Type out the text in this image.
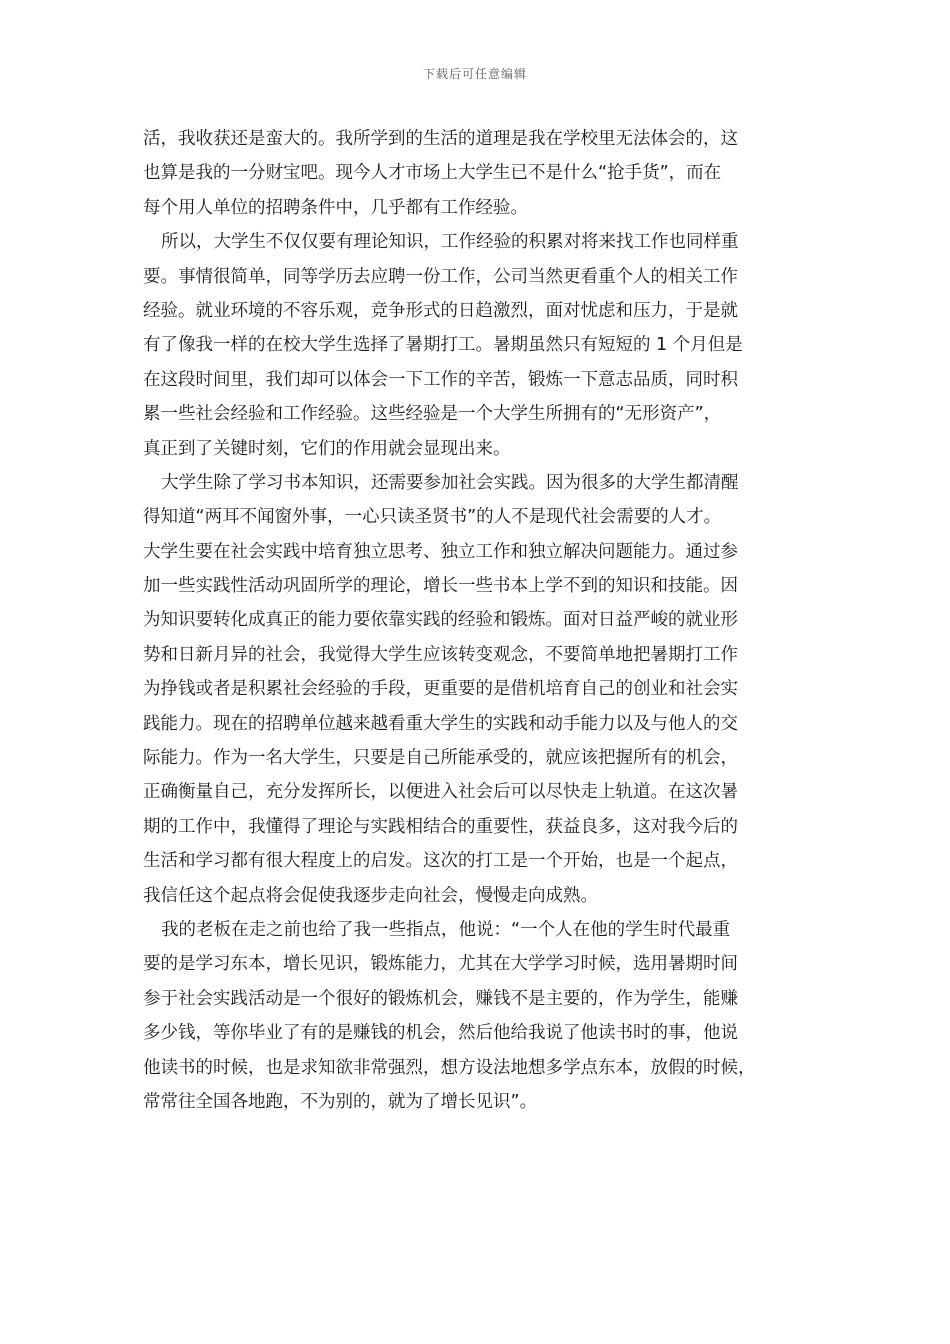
下载后可任意编辑
活，我收获还是蛮大的。我所学到的生活的道理是我在学校里无法体会的，这
也算是我的一分财宝吧。现今人才市场上大学生已不是什么“抢手货”，而在
每个用人单位的招聘条件中，几乎都有工作经验。
所以，大学生不仅仅要有理论知识，工作经验的积累对将来找工作也同样重
要。事情很简单，同等学历去应聘一份工作，公司当然更看重个人的相关工作
经验。就业环境的不容乐观，竞争形式的日趋激烈，面对忧虑和压力，于是就
有了像我一样的在校大学生选择了暑期打工。暑期虽然只有短短的 1 个月但是
在这段时间里，我们却可以体会一下工作的辛苦，锻炼一下意志品质，同时积
累一些社会经验和工作经验。这些经验是一个大学生所拥有的“无形资产”，
真正到了关键时刻，它们的作用就会显现出来。
大学生除了学习书本知识，还需要参加社会实践。因为很多的大学生都清醒
得知道“两耳不闻窗外事，一心只读圣贤书”的人不是现代社会需要的人才。
大学生要在社会实践中培育独立思考、独立工作和独立解决问题能力。通过参
加一些实践性活动巩固所学的理论，增长一些书本上学不到的知识和技能。因
为知识要转化成真正的能力要依靠实践的经验和锻炼。面对日益严峻的就业形
势和日新月异的社会，我觉得大学生应该转变观念，不要简单地把暑期打工作
为挣钱或者是积累社会经验的手段，更重要的是借机培育自己的创业和社会实
践能力。现在的招聘单位越来越看重大学生的实践和动手能力以及与他人的交
际能力。作为一名大学生，只要是自己所能承受的，就应该把握所有的机会，
正确衡量自己，充分发挥所长，以便进入社会后可以尽快走上轨道。在这次暑
期的工作中，我懂得了理论与实践相结合的重要性，获益良多，这对我今后的
生活和学习都有很大程度上的启发。这次的打工是一个开始，也是一个起点，
我信任这个起点将会促使我逐步走向社会，慢慢走向成熟。
我的老板在走之前也给了我一些指点，他说：“一个人在他的学生时代最重
要的是学习东本，增长见识，锻炼能力，尤其在大学学习时候，选用暑期时间
参于社会实践活动是一个很好的锻炼机会，赚钱不是主要的，作为学生，能赚
多少钱，等你毕业了有的是赚钱的机会，然后他给我说了他读书时的事，他说
他读书的时候，也是求知欲非常强烈，想方设法地想多学点东本，放假的时候，
常常往全国各地跑，不为别的，就为了增长见识”。
